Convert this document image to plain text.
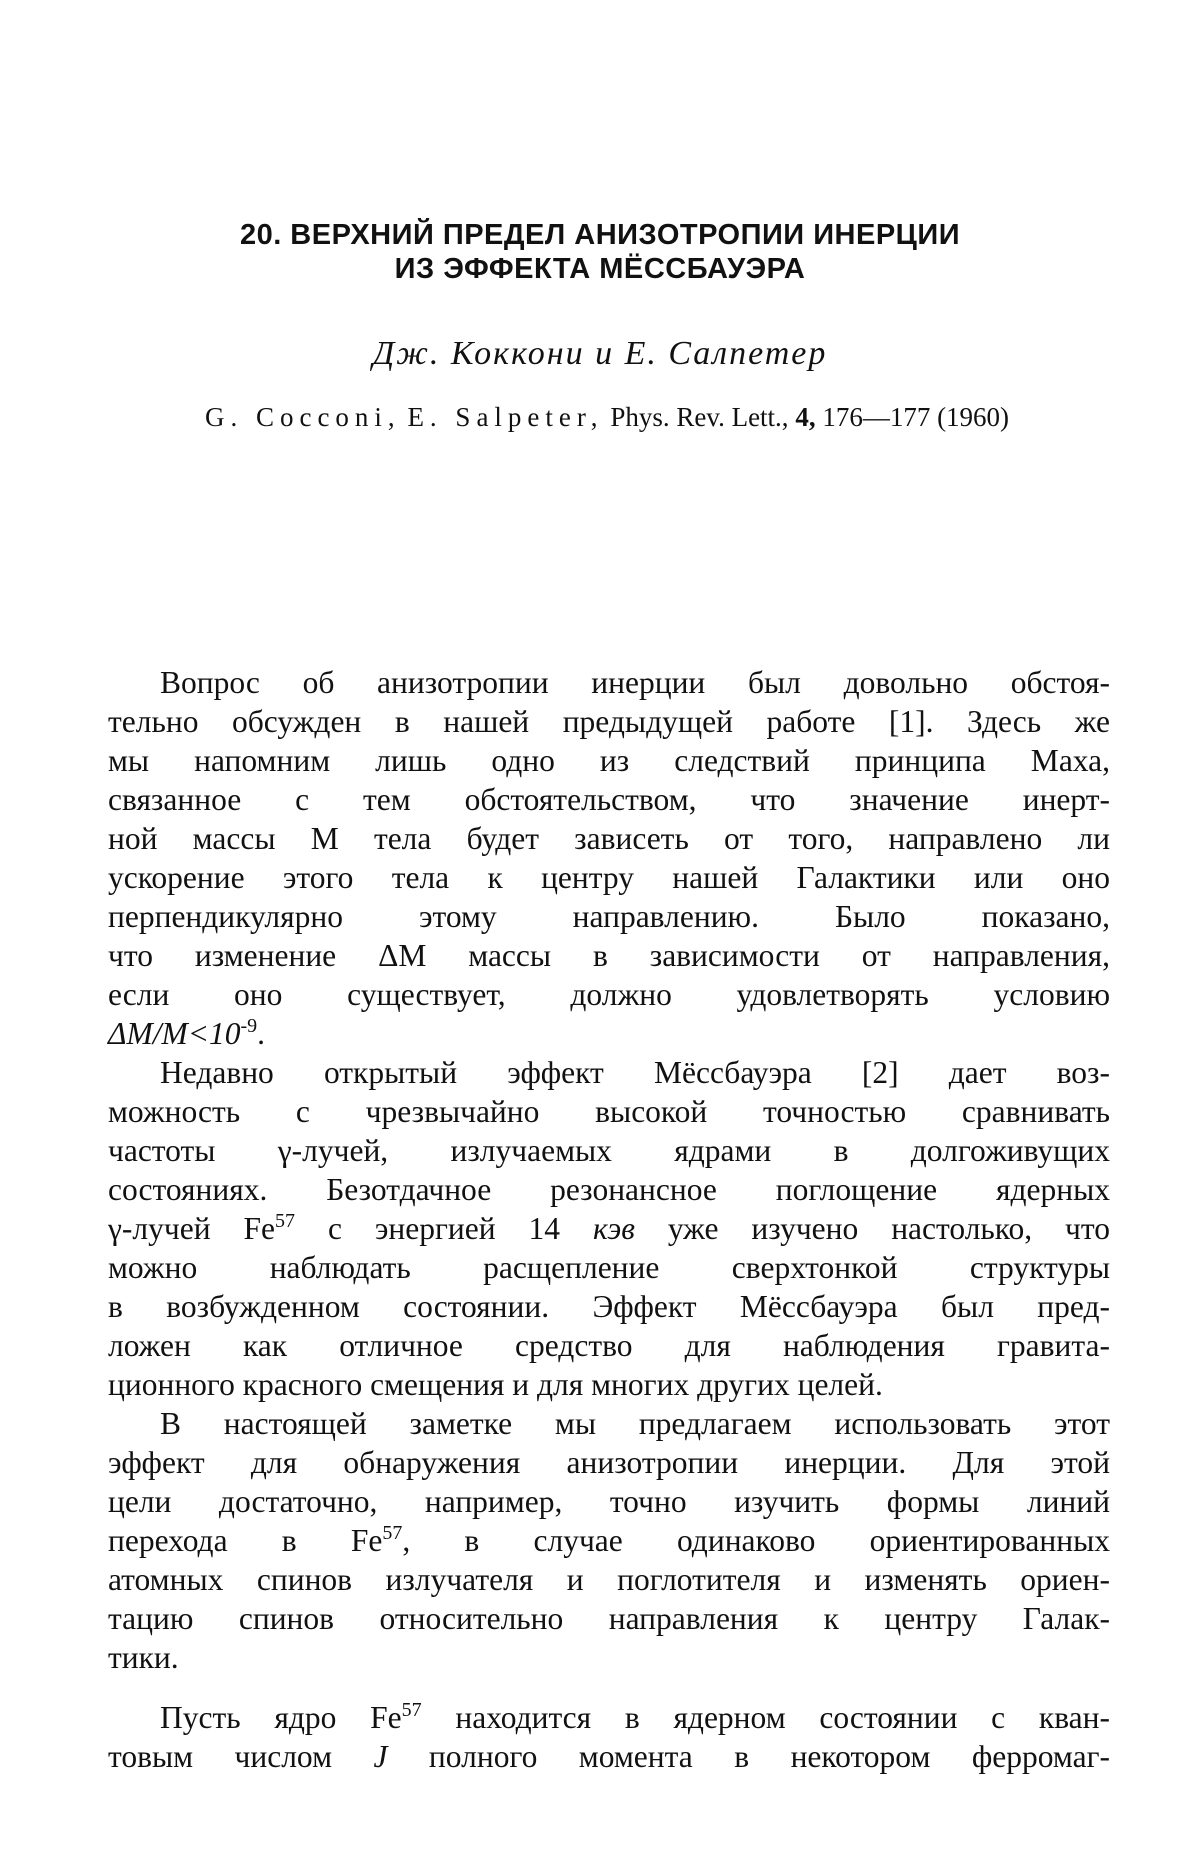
20. ВЕРХНИЙ ПРЕДЕЛ АНИЗОТРОПИИ ИНЕРЦИИ
ИЗ ЭФФЕКТА МЁССБАУЭРА
Дж. Коккони и Е. Салпетер
G. Cocconi, E. Salpeter, Phys. Rev. Lett., 4, 176—177 (1960)
Вопрос об анизотропии инерции был довольно обстоя-
тельно обсужден в нашей предыдущей работе [1]. Здесь же
мы напомним лишь одно из следствий принципа Маха,
связанное с тем обстоятельством, что значение инерт-
ной массы M тела будет зависеть от того, направлено ли
ускорение этого тела к центру нашей Галактики или оно
перпендикулярно этому направлению. Было показано,
что изменение ΔM массы в зависимости от направления,
если оно существует, должно удовлетворять условию
$\Delta M/M<10^{-9}$.
Недавно открытый эффект Мёссбауэра [2] дает воз-
можность с чрезвычайно высокой точностью сравнивать
частоты γ-лучей, излучаемых ядрами в долгоживущих
состояниях. Безотдачное резонансное поглощение ядерных
γ-лучей Fe$^{57}$ с энергией 14 кэв уже изучено настолько, что
можно наблюдать расщепление сверхтонкой структуры
в возбужденном состоянии. Эффект Мёссбауэра был пред-
ложен как отличное средство для наблюдения гравита-
ционного красного смещения и для многих других целей.
В настоящей заметке мы предлагаем использовать этот
эффект для обнаружения анизотропии инерции. Для этой
цели достаточно, например, точно изучить формы линий
перехода в Fe$^{57}$, в случае одинаково ориентированных
атомных спинов излучателя и поглотителя и изменять ориен-
тацию спинов относительно направления к центру Галак-
тики.
Пусть ядро Fe$^{57}$ находится в ядерном состоянии с кван-
товым числом J полного момента в некотором ферромаг-
